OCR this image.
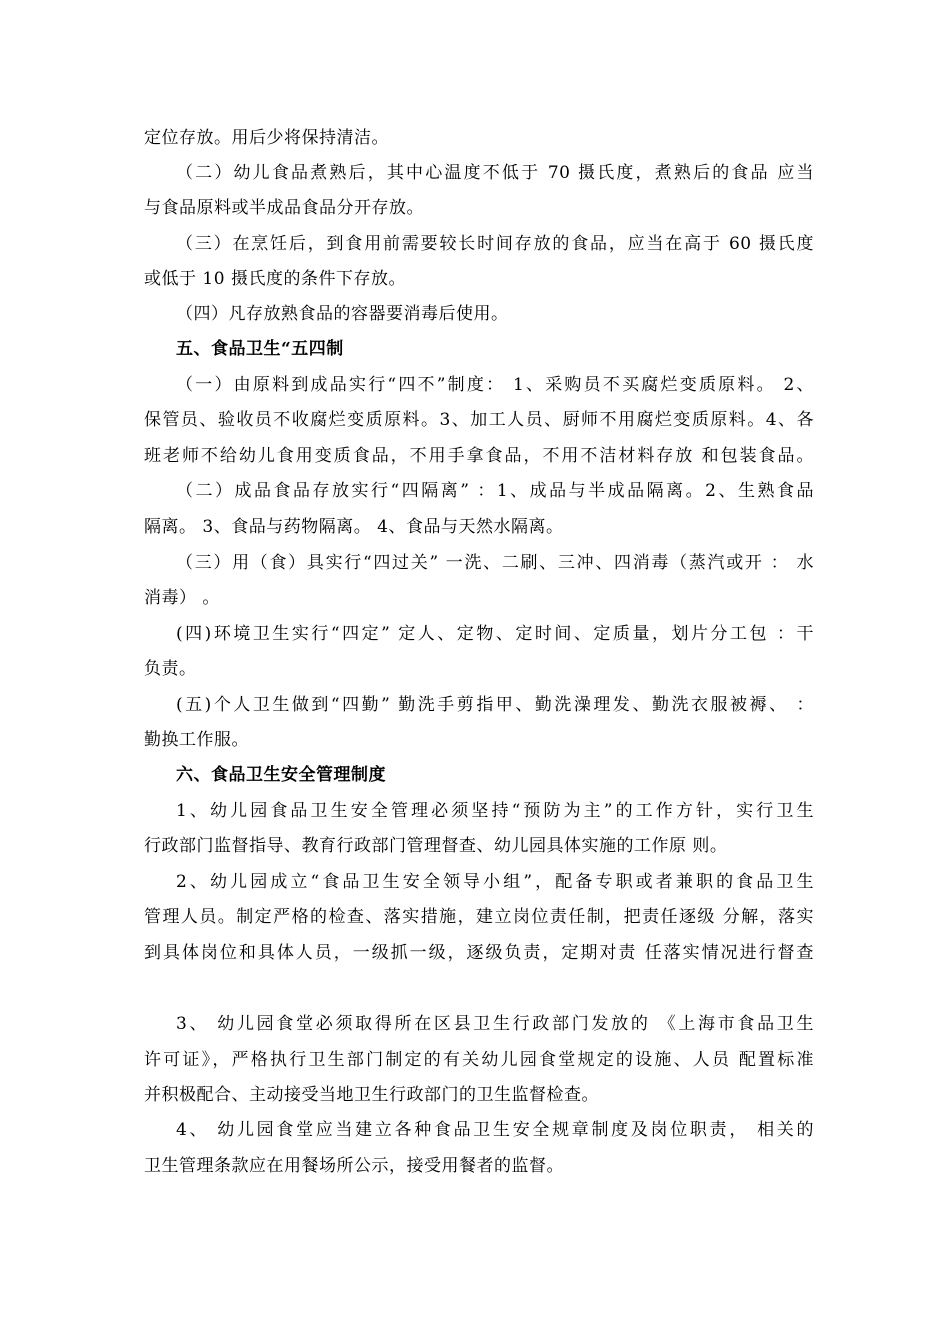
定位存放。用后少将保持清洁。
（二）幼儿食品煮熟后，其中心温度不低于 70 摄氏度，煮熟后的食品 应当
与食品原料或半成品食品分开存放。
（三）在烹饪后，到食用前需要较长时间存放的食品，应当在高于 60 摄氏度
或低于 10 摄氏度的条件下存放。
（四）凡存放熟食品的容器要消毒后使用。
五、食品卫生“五四制
（一）由原料到成品实行“四不”制度： 1、采购员不买腐烂变质原料。 2、
保管员、验收员不收腐烂变质原料。3、加工人员、厨师不用腐烂变质原料。4、各
班老师不给幼儿食用变质食品，不用手拿食品，不用不洁材料存放 和包装食品。
（二）成品食品存放实行“四隔离” ：1、成品与半成品隔离。2、生熟食品
隔离。 3、食品与药物隔离。 4、食品与天然水隔离。
（三）用（食）具实行“四过关” 一洗、二刷、三冲、四消毒（蒸汽或开 ： 水
消毒） 。
(四)环境卫生实行“四定” 定人、定物、定时间、定质量，划片分工包 ：干
负责。
(五)个人卫生做到“四勤” 勤洗手剪指甲、勤洗澡理发、勤洗衣服被褥、 ：
勤换工作服。
六、食品卫生安全管理制度
1、幼儿园食品卫生安全管理必须坚持“预防为主”的工作方针，实行卫生
行政部门监督指导、教育行政部门管理督查、幼儿园具体实施的工作原 则。
2、幼儿园成立“食品卫生安全领导小组”，配备专职或者兼职的食品卫生
管理人员。制定严格的检查、落实措施，建立岗位责任制，把责任逐级 分解，落实
到具体岗位和具体人员，一级抓一级，逐级负责，定期对责 任落实情况进行督查
3、 幼儿园食堂必须取得所在区县卫生行政部门发放的 《上海市食品卫生
许可证》，严格执行卫生部门制定的有关幼儿园食堂规定的设施、人员 配置标准
并积极配合、主动接受当地卫生行政部门的卫生监督检查。
4、 幼儿园食堂应当建立各种食品卫生安全规章制度及岗位职责， 相关的
卫生管理条款应在用餐场所公示，接受用餐者的监督。
